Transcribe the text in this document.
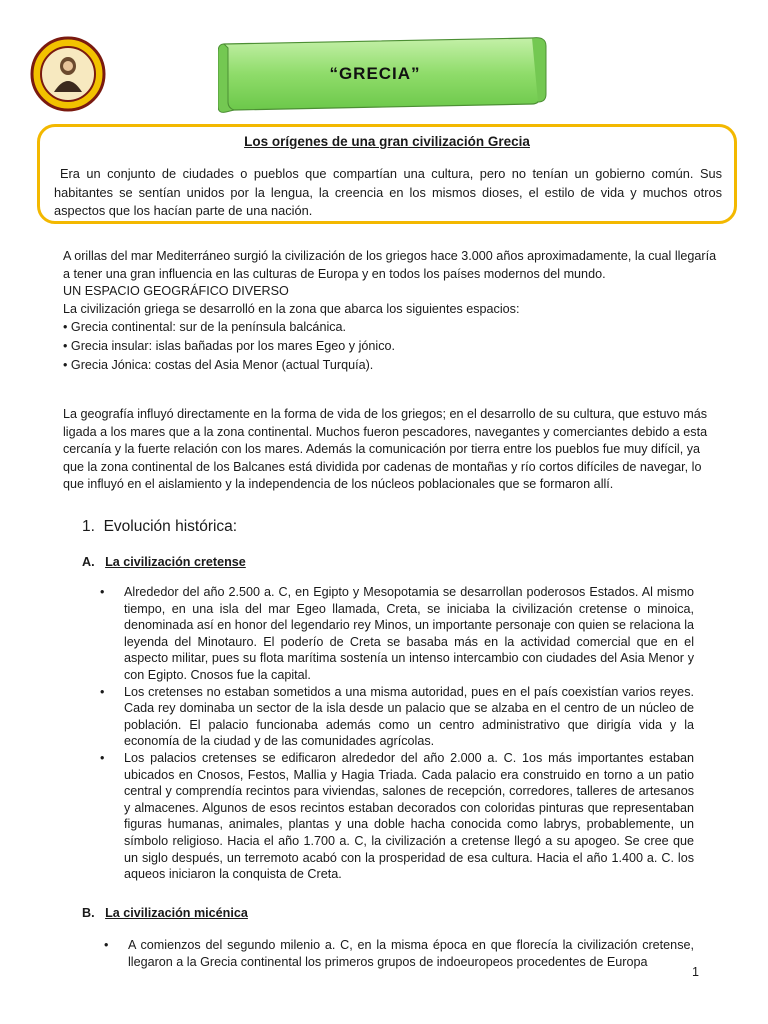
“GRECIA”
Los orígenes de una gran civilización Grecia
Era un conjunto de ciudades o pueblos que compartían una cultura, pero no tenían un gobierno común. Sus habitantes se sentían unidos por la lengua, la creencia en los mismos dioses, el estilo de vida y muchos otros aspectos que los hacían parte de una nación.

A orillas del mar Mediterráneo surgió la civilización de los griegos hace 3.000 años aproximadamente, la cual llegaría a tener una gran influencia en las culturas de Europa y en todos los países modernos del mundo.

UN ESPACIO GEOGRÁFICO DIVERSO

La civilización griega se desarrolló en la zona que abarca los siguientes espacios:

• Grecia continental: sur de la península balcánica.

• Grecia insular: islas bañadas por los mares Egeo y jónico.

• Grecia Jónica: costas del Asia Menor (actual Turquía).

La geografía influyó directamente en la forma de vida de los griegos; en el desarrollo de su cultura, que estuvo más ligada a los mares que a la zona continental. Muchos fueron pescadores, navegantes y comerciantes debido a esta cercanía y la fuerte relación con los mares. Además la comunicación por tierra entre los pueblos fue muy difícil, ya que la zona continental de los Balcanes está dividida por cadenas de montañas y río cortos difíciles de navegar, lo que influyó en el aislamiento y la independencia de los núcleos poblacionales que se formaron allí.
1. Evolución histórica:
A. La civilización cretense

• Alrededor del año 2.500 a. C, en Egipto y Mesopotamia se desarrollan poderosos Estados. Al mismo tiempo, en una isla del mar Egeo llamada, Creta, se iniciaba la civilización cretense o minoica, denominada así en honor del legendario rey Minos, un importante personaje con quien se relaciona la leyenda del Minotauro. El poderío de Creta se basaba más en la actividad comercial que en el aspecto militar, pues su flota marítima sostenía un intenso intercambio con ciudades del Asia Menor y con Egipto. Cnosos fue la capital.

• Los cretenses no estaban sometidos a una misma autoridad, pues en el país coexistían varios reyes. Cada rey dominaba un sector de la isla desde un palacio que se alzaba en el centro de un núcleo de población. El palacio funcionaba además como un centro administrativo que dirigía vida y la economía de la ciudad y de las comunidades agrícolas.

• Los palacios cretenses se edificaron alrededor del año 2.000 a. C. 1os más importantes estaban ubicados en Cnosos, Festos, Mallia y Hagia Triada. Cada palacio era construido en torno a un patio central y comprendía recintos para viviendas, salones de recepción, corredores, talleres de artesanos y almacenes. Algunos de esos recintos estaban decorados con coloridas pinturas que representaban figuras humanas, animales, plantas y una doble hacha conocida como labrys, probablemente, un símbolo religioso. Hacia el año 1.700 a. C, la civilización a cretense llegó a su apogeo. Se cree que un siglo después, un terremoto acabó con la prosperidad de esa cultura. Hacia el año 1.400 a. C. los aqueos iniciaron la conquista de Creta.

B. La civilización micénica

• A comienzos del segundo milenio a. C, en la misma época en que florecía la civilización cretense, llegaron a la Grecia continental los primeros grupos de indoeuropeos procedentes de Europa

1
